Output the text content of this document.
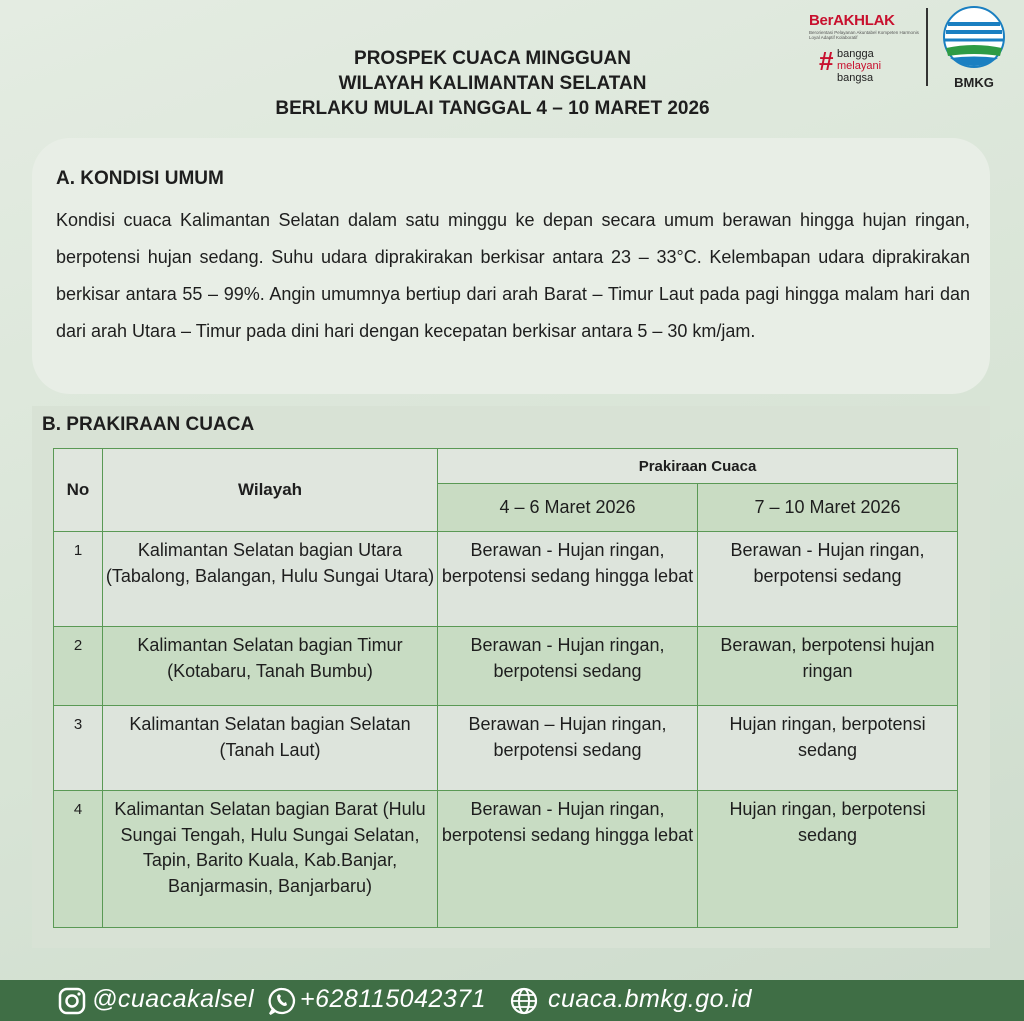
PROSPEK CUACA MINGGUAN
WILAYAH KALIMANTAN SELATAN
BERLAKU MULAI TANGGAL 4 – 10 MARET 2026
BerAKHLAK
Berorientasi Pelayanan Akuntabel Kompeten Harmonis Loyal Adaptif Kolaboratif
# bangga
melayani
bangsa	BMKG
A. KONDISI UMUM
Kondisi cuaca Kalimantan Selatan dalam satu minggu ke depan secara umum berawan hingga hujan ringan, berpotensi hujan sedang. Suhu udara diprakirakan berkisar antara 23 – 33°C. Kelembapan udara diprakirakan berkisar antara 55 – 99%. Angin umumnya bertiup dari arah Barat – Timur Laut pada pagi hingga malam hari dan dari arah Utara – Timur pada dini hari dengan kecepatan berkisar antara 5 – 30 km/jam.
B. PRAKIRAAN CUACA
No	Wilayah	Prakiraan Cuaca	
		4 – 6 Maret 2026	7 – 10 Maret 2026
1	Kalimantan Selatan bagian Utara (Tabalong, Balangan, Hulu Sungai Utara)	Berawan - Hujan ringan, berpotensi sedang hingga lebat	Berawan - Hujan ringan, berpotensi sedang
2	Kalimantan Selatan bagian Timur (Kotabaru, Tanah Bumbu)	Berawan - Hujan ringan, berpotensi sedang	Berawan, berpotensi hujan ringan
3	Kalimantan Selatan bagian Selatan (Tanah Laut)	Berawan – Hujan ringan, berpotensi sedang	Hujan ringan, berpotensi sedang
4	Kalimantan Selatan bagian Barat (Hulu Sungai Tengah, Hulu Sungai Selatan, Tapin, Barito Kuala, Kab.Banjar, Banjarmasin, Banjarbaru)	Berawan - Hujan ringan, berpotensi sedang hingga lebat	Hujan ringan, berpotensi sedang
@cuacakalsel +628115042371 cuaca.bmkg.go.id
